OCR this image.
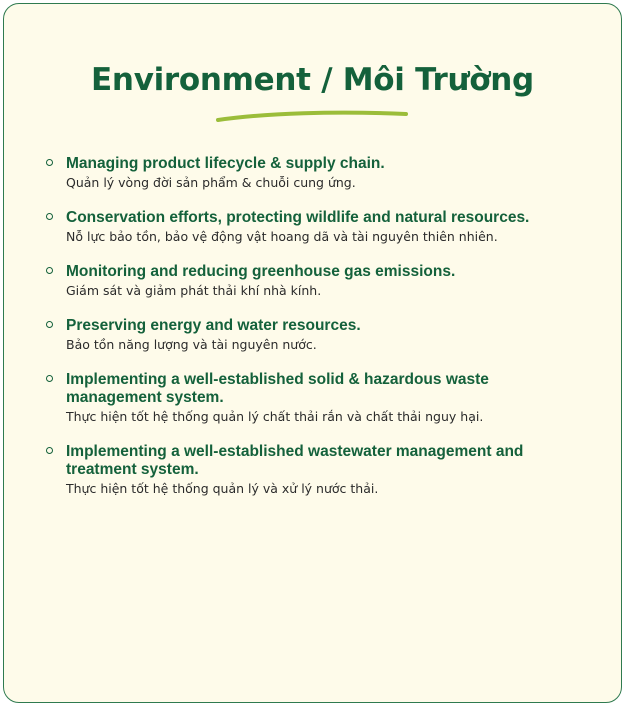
Environment / Môi Trường
Managing product lifecycle & supply chain.
Quản lý vòng đời sản phẩm & chuỗi cung ứng.
Conservation efforts, protecting wildlife and natural resources.
Nỗ lực bảo tồn, bảo vệ động vật hoang dã và tài nguyên thiên nhiên.
Monitoring and reducing greenhouse gas emissions.
Giám sát và giảm phát thải khí nhà kính.
Preserving energy and water resources.
Bảo tồn năng lượng và tài nguyên nước.
Implementing a well-established solid & hazardous waste management system.
Thực hiện tốt hệ thống quản lý chất thải rắn và chất thải nguy hại.
Implementing a well-established wastewater management and treatment system.
Thực hiện tốt hệ thống quản lý và xử lý nước thải.
